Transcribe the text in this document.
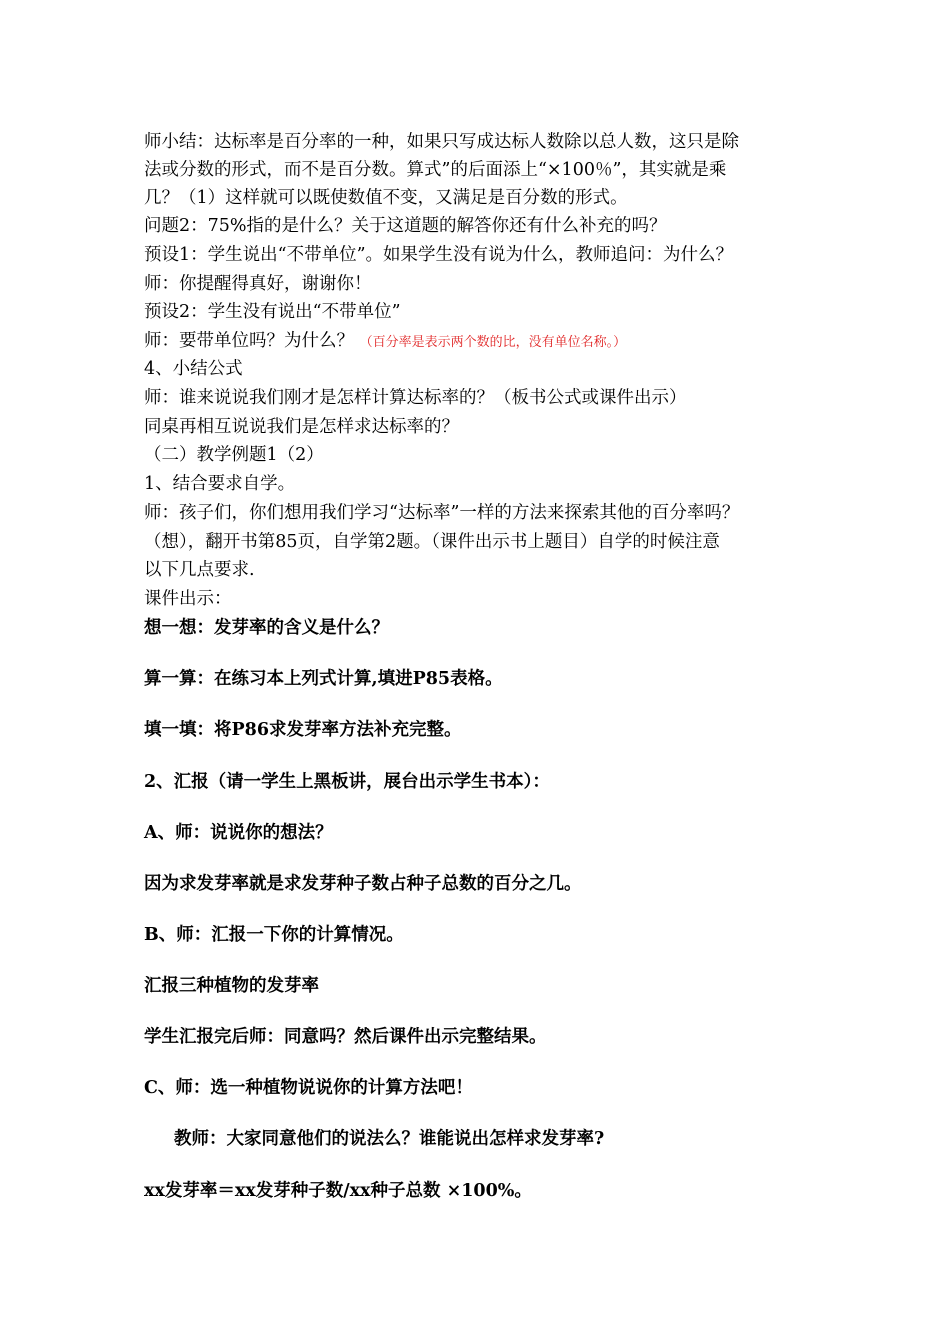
师小结：达标率是百分率的一种，如果只写成达标人数除以总人数，这只是除
法或分数的形式，而不是百分数。算式”的后面添上“×100％”，其实就是乘
几？（1）这样就可以既使数值不变，又满足是百分数的形式。
问题2：75%指的是什么？关于这道题的解答你还有什么补充的吗？
预设1：学生说出“不带单位”。如果学生没有说为什么，教师追问：为什么？
师：你提醒得真好，谢谢你！
预设2：学生没有说出“不带单位”
师：要带单位吗？为什么？ （百分率是表示两个数的比，没有单位名称。）
4、小结公式
师：谁来说说我们刚才是怎样计算达标率的？（板书公式或课件出示）
同桌再相互说说我们是怎样求达标率的？
（二）教学例题1（2）
1、结合要求自学。
师：孩子们，你们想用我们学习“达标率”一样的方法来探索其他的百分率吗？
（想），翻开书第85页，自学第2题。（课件出示书上题目）自学的时候注意
以下几点要求.
课件出示：
想一想：发芽率的含义是什么？
算一算：在练习本上列式计算,填进P85表格。
填一填：将P86求发芽率方法补充完整。
2、汇报（请一学生上黑板讲，展台出示学生书本）：
A、师：说说你的想法？
因为求发芽率就是求发芽种子数占种子总数的百分之几。
B、师：汇报一下你的计算情况。
汇报三种植物的发芽率
学生汇报完后师：同意吗？然后课件出示完整结果。
C、师：选一种植物说说你的计算方法吧！
教师：大家同意他们的说法么？谁能说出怎样求发芽率?
xx发芽率＝xx发芽种子数/xx种子总数 ×100%。
